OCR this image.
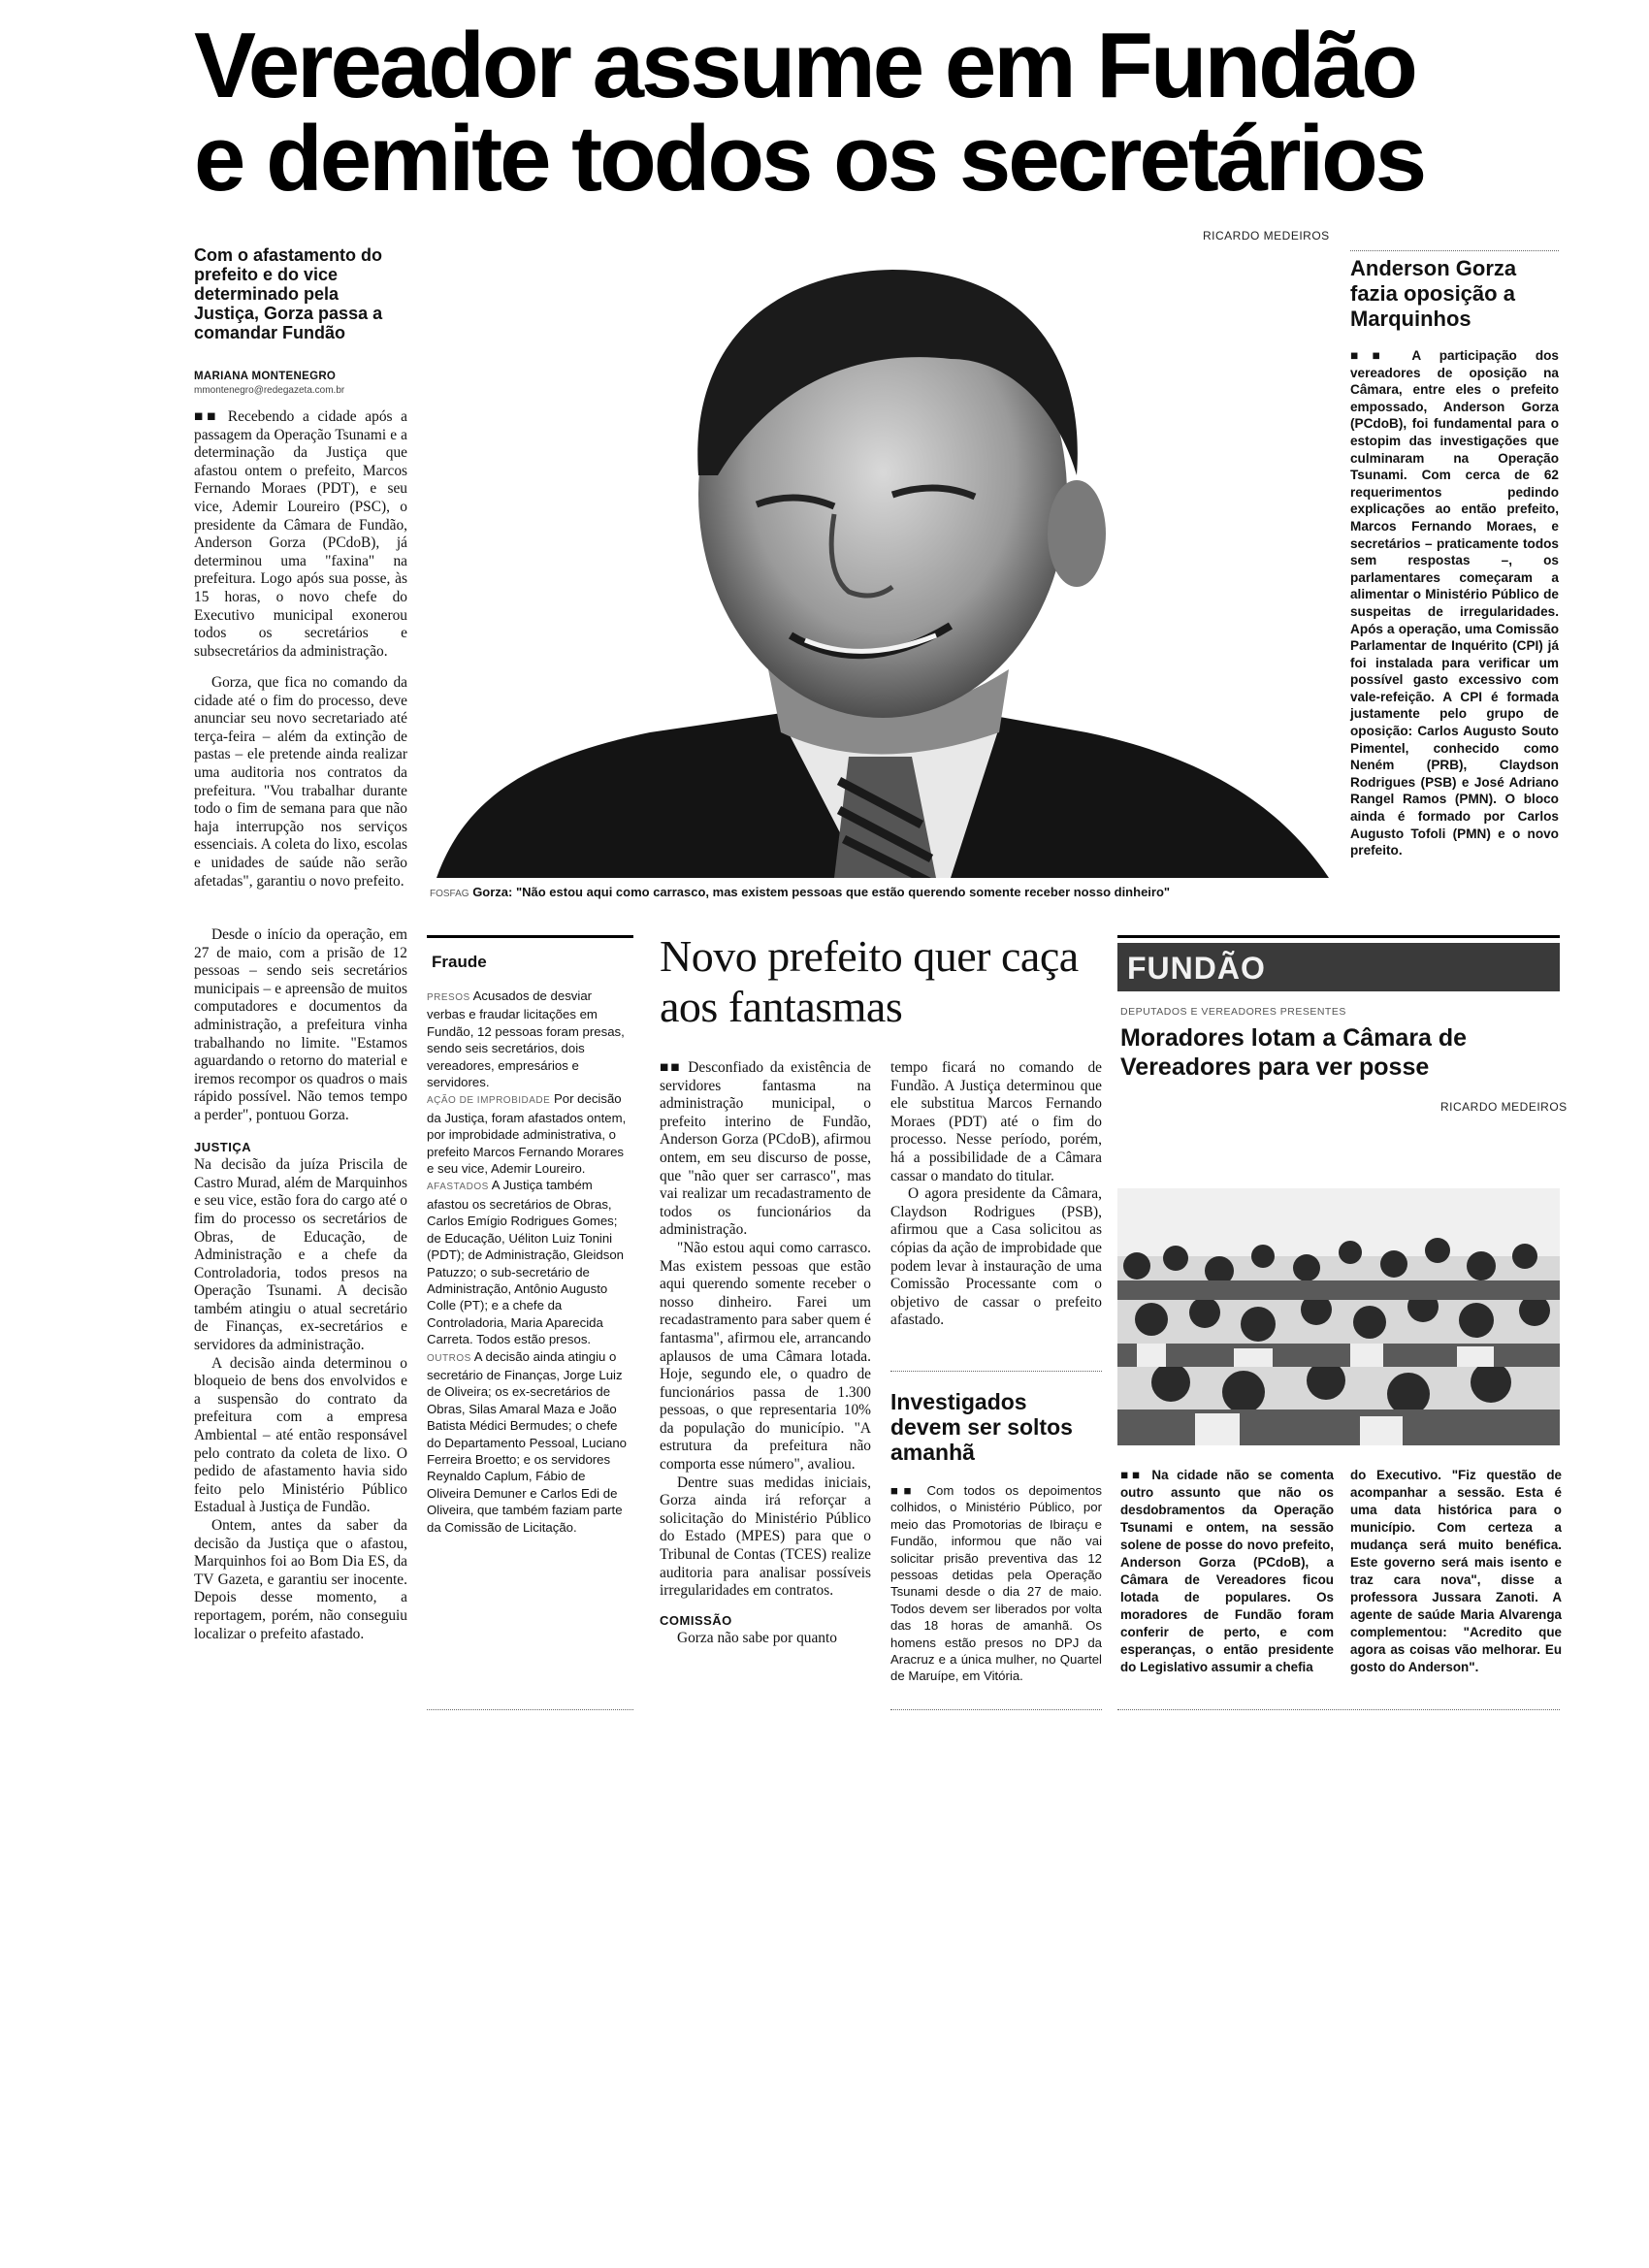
Vereador assume em Fundão
e demite todos os secretários
Com o afastamento do prefeito e do vice determinado pela Justiça, Gorza passa a comandar Fundão
MARIANA MONTENEGRO
mmontenegro@redegazeta.com.br

■■ Recebendo a cidade após a passagem da Operação Tsunami e a determinação da Justiça que afastou ontem o prefeito, Marcos Fernando Moraes (PDT), e seu vice, Ademir Loureiro (PSC), o presidente da Câmara de Fundão, Anderson Gorza (PCdoB), já determinou uma "faxina" na prefeitura. Logo após sua posse, às 15 horas, o novo chefe do Executivo municipal exonerou todos os secretários e subsecretários da administração.

Gorza, que fica no comando da cidade até o fim do processo, deve anunciar seu novo secretariado até terça-feira – além da extinção de pastas – ele pretende ainda realizar uma auditoria nos contratos da prefeitura. "Vou trabalhar durante todo o fim de semana para que não haja interrupção nos serviços essenciais. A coleta do lixo, escolas e unidades de saúde não serão afetadas", garantiu o novo prefeito.

Desde o início da operação, em 27 de maio, com a prisão de 12 pessoas – sendo seis secretários municipais – e apreensão de muitos computadores e documentos da administração, a prefeitura vinha trabalhando no limite. "Estamos aguardando o retorno do material e iremos recompor os quadros o mais rápido possível. Não temos tempo a perder", pontuou Gorza.

JUSTIÇA

Na decisão da juíza Priscila de Castro Murad, além de Marquinhos e seu vice, estão fora do cargo até o fim do processo os secretários de Obras, de Educação, de Administração e a chefe da Controladoria, todos presos na Operação Tsunami. A decisão também atingiu o atual secretário de Finanças, ex-secretários e servidores da administração.

A decisão ainda determinou o bloqueio de bens dos envolvidos e a suspensão do contrato da prefeitura com a empresa Ambiental – até então responsável pelo contrato da coleta de lixo. O pedido de afastamento havia sido feito pelo Ministério Público Estadual à Justiça de Fundão.

Ontem, antes da saber da decisão da Justiça que o afastou, Marquinhos foi ao Bom Dia ES, da TV Gazeta, e garantiu ser inocente. Depois desse momento, a reportagem, porém, não conseguiu localizar o prefeito afastado.

RICARDO MEDEIROS
FOSFAG Gorza: "Não estou aqui como carrasco, mas existem pessoas que estão querendo somente receber nosso dinheiro"
Anderson Gorza fazia oposição a Marquinhos

■■ A participação dos vereadores de oposição na Câmara, entre eles o prefeito empossado, Anderson Gorza (PCdoB), foi fundamental para o estopim das investigações que culminaram na Operação Tsunami. Com cerca de 62 requerimentos pedindo explicações ao então prefeito, Marcos Fernando Moraes, e secretários – praticamente todos sem respostas –, os parlamentares começaram a alimentar o Ministério Público de suspeitas de irregularidades. Após a operação, uma Comissão Parlamentar de Inquérito (CPI) já foi instalada para verificar um possível gasto excessivo com vale-refeição. A CPI é formada justamente pelo grupo de oposição: Carlos Augusto Souto Pimentel, conhecido como Neném (PRB), Claydson Rodrigues (PSB) e José Adriano Rangel Ramos (PMN). O bloco ainda é formado por Carlos Augusto Tofoli (PMN) e o novo prefeito.

Fraude
PRESOS Acusados de desviar verbas e fraudar licitações em Fundão, 12 pessoas foram presas, sendo seis secretários, dois vereadores, empresários e servidores.
AÇÃO DE IMPROBIDADE Por decisão da Justiça, foram afastados ontem, por improbidade administrativa, o prefeito Marcos Fernando Morares e seu vice, Ademir Loureiro.
AFASTADOS A Justiça também afastou os secretários de Obras, Carlos Emígio Rodrigues Gomes; de Educação, Uéliton Luiz Tonini (PDT); de Administração, Gleidson Patuzzo; o sub-secretário de Administração, Antônio Augusto Colle (PT); e a chefe da Controladoria, Maria Aparecida Carreta. Todos estão presos.
OUTROS A decisão ainda atingiu o secretário de Finanças, Jorge Luiz de Oliveira; os ex-secretários de Obras, Silas Amaral Maza e João Batista Médici Bermudes; o chefe do Departamento Pessoal, Luciano Ferreira Broetto; e os servidores Reynaldo Caplum, Fábio de Oliveira Demuner e Carlos Edi de Oliveira, que também faziam parte da Comissão de Licitação.
Novo prefeito quer caça aos fantasmas

■■ Desconfiado da existência de servidores fantasma na administração municipal, o prefeito interino de Fundão, Anderson Gorza (PCdoB), afirmou ontem, em seu discurso de posse, que "não quer ser carrasco", mas vai realizar um recadastramento de todos os funcionários da administração.

"Não estou aqui como carrasco. Mas existem pessoas que estão aqui querendo somente receber o nosso dinheiro. Farei um recadastramento para saber quem é fantasma", afirmou ele, arrancando aplausos de uma Câmara lotada. Hoje, segundo ele, o quadro de funcionários passa de 1.300 pessoas, o que representaria 10% da população do município. "A estrutura da prefeitura não comporta esse número", avaliou.

Dentre suas medidas iniciais, Gorza ainda irá reforçar a solicitação do Ministério Público do Estado (MPES) para que o Tribunal de Contas (TCES) realize auditoria para analisar possíveis irregularidades em contratos.

COMISSÃO

Gorza não sabe por quanto

tempo ficará no comando de Fundão. A Justiça determinou que ele substitua Marcos Fernando Moraes (PDT) até o fim do processo. Nesse período, porém, há a possibilidade de a Câmara cassar o mandato do titular.

O agora presidente da Câmara, Claydson Rodrigues (PSB), afirmou que a Casa solicitou as cópias da ação de improbidade que podem levar à instauração de uma Comissão Processante com o objetivo de cassar o prefeito afastado.

Investigados devem ser soltos amanhã

■■ Com todos os depoimentos colhidos, o Ministério Público, por meio das Promotorias de Ibiraçu e Fundão, informou que não vai solicitar prisão preventiva das 12 pessoas detidas pela Operação Tsunami desde o dia 27 de maio. Todos devem ser liberados por volta das 18 horas de amanhã. Os homens estão presos no DPJ da Aracruz e a única mulher, no Quartel de Maruípe, em Vitória.

FUNDÃO
DEPUTADOS E VEREADORES PRESENTES
Moradores lotam a Câmara de Vereadores para ver posse
RICARDO MEDEIROS

■■ Na cidade não se comenta outro assunto que não os desdobramentos da Operação Tsunami e ontem, na sessão solene de posse do novo prefeito, Anderson Gorza (PCdoB), a Câmara de Vereadores ficou lotada de populares. Os moradores de Fundão foram conferir de perto, e com esperanças, o então presidente do Legislativo assumir a chefia

do Executivo. "Fiz questão de acompanhar a sessão. Esta é uma data histórica para o município. Com certeza a mudança será muito benéfica. Este governo será mais isento e traz cara nova", disse a professora Jussara Zanoti. A agente de saúde Maria Alvarenga complementou: "Acredito que agora as coisas vão melhorar. Eu gosto do Anderson".
